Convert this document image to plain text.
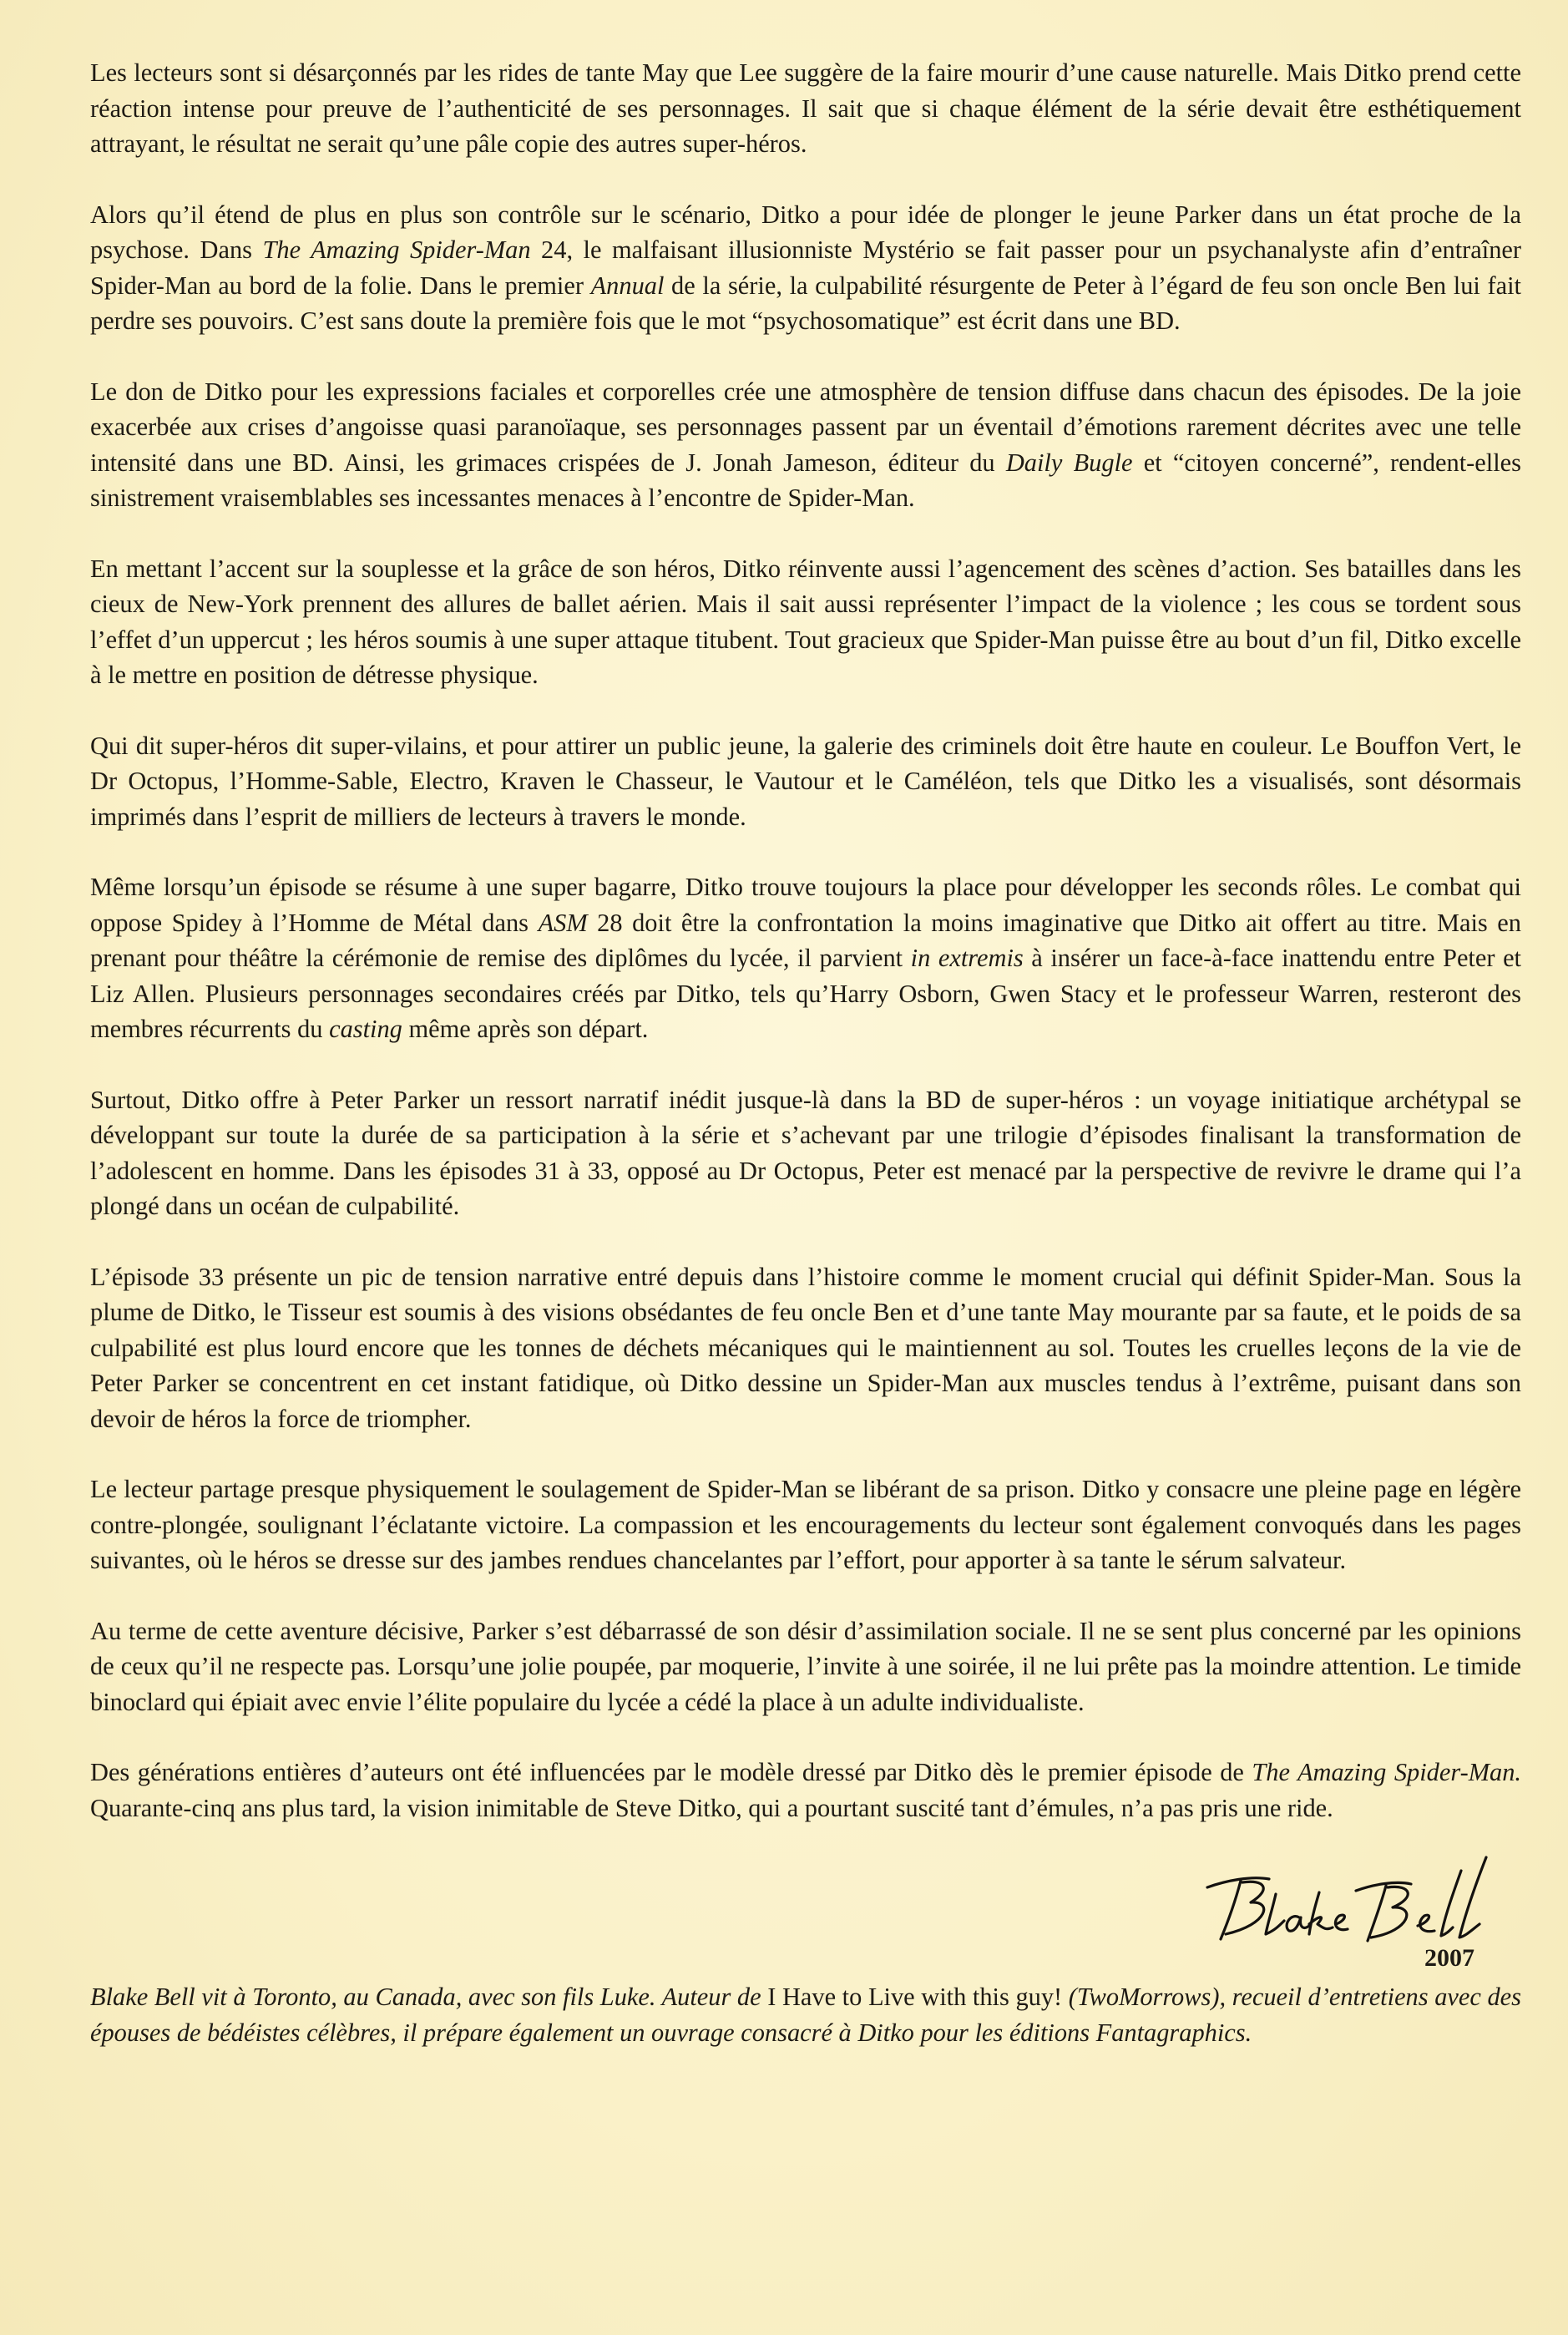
Les lecteurs sont si désarçonnés par les rides de tante May que Lee suggère de la faire mourir d’une cause naturelle. Mais Ditko prend cette réaction intense pour preuve de l’authenticité de ses personnages. Il sait que si chaque élément de la série devait être esthétiquement attrayant, le résultat ne serait qu’une pâle copie des autres super-héros.

Alors qu’il étend de plus en plus son contrôle sur le scénario, Ditko a pour idée de plonger le jeune Parker dans un état proche de la psychose. Dans The Amazing Spider-Man 24, le malfaisant illusionniste Mystério se fait passer pour un psychanalyste afin d’entraîner Spider-Man au bord de la folie. Dans le premier Annual de la série, la culpabilité résurgente de Peter à l’égard de feu son oncle Ben lui fait perdre ses pouvoirs. C’est sans doute la première fois que le mot “psychosomatique” est écrit dans une BD.

Le don de Ditko pour les expressions faciales et corporelles crée une atmosphère de tension diffuse dans chacun des épisodes. De la joie exacerbée aux crises d’angoisse quasi paranoïaque, ses personnages passent par un éventail d’émotions rarement décrites avec une telle intensité dans une BD. Ainsi, les grimaces crispées de J. Jonah Jameson, éditeur du Daily Bugle et “citoyen concerné”, rendent-elles sinistrement vraisemblables ses incessantes menaces à l’encontre de Spider-Man.

En mettant l’accent sur la souplesse et la grâce de son héros, Ditko réinvente aussi l’agencement des scènes d’action. Ses batailles dans les cieux de New-York prennent des allures de ballet aérien. Mais il sait aussi représenter l’impact de la violence ; les cous se tordent sous l’effet d’un uppercut ; les héros soumis à une super attaque titubent. Tout gracieux que Spider-Man puisse être au bout d’un fil, Ditko excelle à le mettre en position de détresse physique.

Qui dit super-héros dit super-vilains, et pour attirer un public jeune, la galerie des criminels doit être haute en couleur. Le Bouffon Vert, le Dr Octopus, l’Homme-Sable, Electro, Kraven le Chasseur, le Vautour et le Caméléon, tels que Ditko les a visualisés, sont désormais imprimés dans l’esprit de milliers de lecteurs à travers le monde.

Même lorsqu’un épisode se résume à une super bagarre, Ditko trouve toujours la place pour développer les seconds rôles. Le combat qui oppose Spidey à l’Homme de Métal dans ASM 28 doit être la confrontation la moins imaginative que Ditko ait offert au titre. Mais en prenant pour théâtre la cérémonie de remise des diplômes du lycée, il parvient in extremis à insérer un face-à-face inattendu entre Peter et Liz Allen. Plusieurs personnages secondaires créés par Ditko, tels qu’Harry Osborn, Gwen Stacy et le professeur Warren, resteront des membres récurrents du casting même après son départ.

Surtout, Ditko offre à Peter Parker un ressort narratif inédit jusque-là dans la BD de super-héros : un voyage initiatique archétypal se développant sur toute la durée de sa participation à la série et s’achevant par une trilogie d’épisodes finalisant la transformation de l’adolescent en homme. Dans les épisodes 31 à 33, opposé au Dr Octopus, Peter est menacé par la perspective de revivre le drame qui l’a plongé dans un océan de culpabilité.

L’épisode 33 présente un pic de tension narrative entré depuis dans l’histoire comme le moment crucial qui définit Spider-Man. Sous la plume de Ditko, le Tisseur est soumis à des visions obsédantes de feu oncle Ben et d’une tante May mourante par sa faute, et le poids de sa culpabilité est plus lourd encore que les tonnes de déchets mécaniques qui le maintiennent au sol. Toutes les cruelles leçons de la vie de Peter Parker se concentrent en cet instant fatidique, où Ditko dessine un Spider-Man aux muscles tendus à l’extrême, puisant dans son devoir de héros la force de triompher.

Le lecteur partage presque physiquement le soulagement de Spider-Man se libérant de sa prison. Ditko y consacre une pleine page en légère contre-plongée, soulignant l’éclatante victoire. La compassion et les encouragements du lecteur sont également convoqués dans les pages suivantes, où le héros se dresse sur des jambes rendues chancelantes par l’effort, pour apporter à sa tante le sérum salvateur.

Au terme de cette aventure décisive, Parker s’est débarrassé de son désir d’assimilation sociale. Il ne se sent plus concerné par les opinions de ceux qu’il ne respecte pas. Lorsqu’une jolie poupée, par moquerie, l’invite à une soirée, il ne lui prête pas la moindre attention. Le timide binoclard qui épiait avec envie l’élite populaire du lycée a cédé la place à un adulte individualiste.

Des générations entières d’auteurs ont été influencées par le modèle dressé par Ditko dès le premier épisode de The Amazing Spider-Man. Quarante-cinq ans plus tard, la vision inimitable de Steve Ditko, qui a pourtant suscité tant d’émules, n’a pas pris une ride.

2007

Blake Bell vit à Toronto, au Canada, avec son fils Luke. Auteur de I Have to Live with this guy! (TwoMorrows), recueil d’entretiens avec des épouses de bédéistes célèbres, il prépare également un ouvrage consacré à Ditko pour les éditions Fantagraphics.
